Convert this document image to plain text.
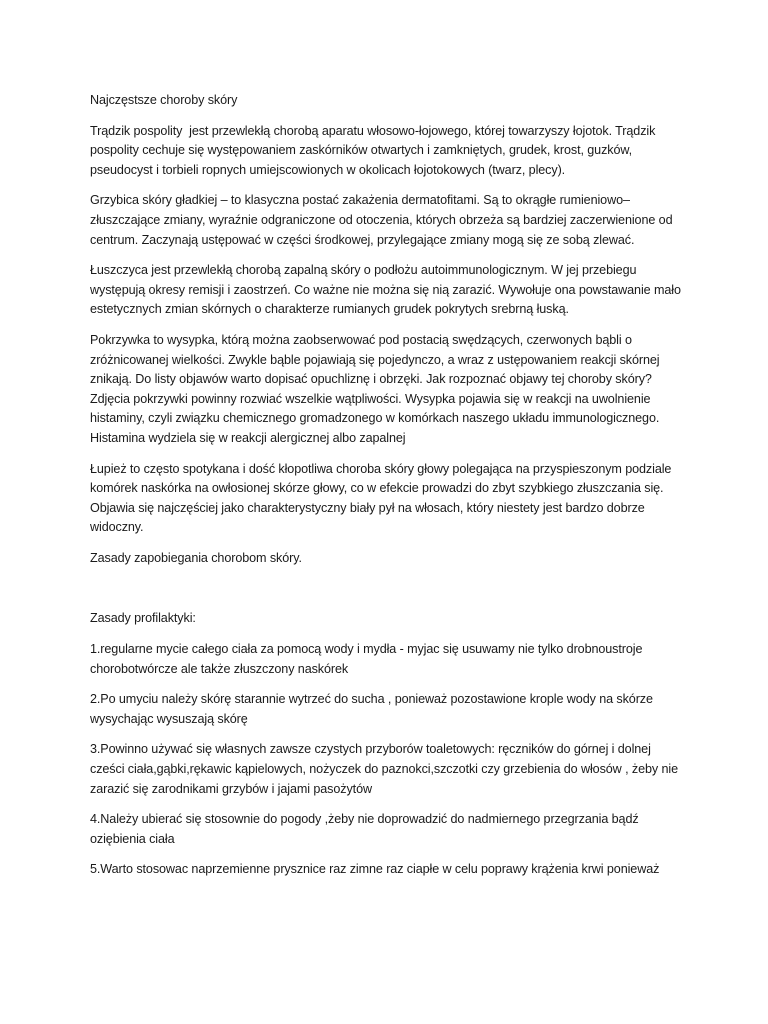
Najczęstsze choroby skóry

Trądzik pospolity  jest przewlekłą chorobą aparatu włosowo-łojowego, której towarzyszy łojotok. Trądzik pospolity cechuje się występowaniem zaskórników otwartych i zamkniętych, grudek, krost, guzków, pseudocyst i torbieli ropnych umiejscowionych w okolicach łojotokowych (twarz, plecy).

Grzybica skóry gładkiej – to klasyczna postać zakażenia dermatofitami. Są to okrągłe rumieniowo–złuszczające zmiany, wyraźnie odgraniczone od otoczenia, których obrzeża są bardziej zaczerwienione od centrum. Zaczynają ustępować w części środkowej, przylegające zmiany mogą się ze sobą zlewać.

Łuszczyca jest przewlekłą chorobą zapalną skóry o podłożu autoimmunologicznym. W jej przebiegu występują okresy remisji i zaostrzeń. Co ważne nie można się nią zarazić. Wywołuje ona powstawanie mało estetycznych zmian skórnych o charakterze rumianych grudek pokrytych srebrną łuską.

Pokrzywka to wysypka, którą można zaobserwować pod postacią swędzących, czerwonych bąbli o zróżnicowanej wielkości. Zwykle bąble pojawiają się pojedynczo, a wraz z ustępowaniem reakcji skórnej znikają. Do listy objawów warto dopisać opuchliznę i obrzęki. Jak rozpoznać objawy tej choroby skóry? Zdjęcia pokrzywki powinny rozwiać wszelkie wątpliwości. Wysypka pojawia się w reakcji na uwolnienie histaminy, czyli związku chemicznego gromadzonego w komórkach naszego układu immunologicznego. Histamina wydziela się w reakcji alergicznej albo zapalnej

Łupież to często spotykana i dość kłopotliwa choroba skóry głowy polegająca na przyspieszonym podziale komórek naskórka na owłosionej skórze głowy, co w efekcie prowadzi do zbyt szybkiego złuszczania się. Objawia się najczęściej jako charakterystyczny biały pył na włosach, który niestety jest bardzo dobrze widoczny.

Zasady zapobiegania chorobom skóry.

Zasady profilaktyki:

1.regularne mycie całego ciała za pomocą wody i mydła - myjac się usuwamy nie tylko drobnoustroje chorobotwórcze ale także złuszczony naskórek

2.Po umyciu należy skórę starannie wytrzeć do sucha , ponieważ pozostawione krople wody na skórze wysychając wysuszają skórę

3.Powinno używać się własnych zawsze czystych przyborów toaletowych: ręczników do górnej i dolnej cześci ciała,gąbki,rękawic kąpielowych, nożyczek do paznokci,szczotki czy grzebienia do włosów , żeby nie zarazić się zarodnikami grzybów i jajami pasożytów

4.Należy ubierać się stosownie do pogody ,żeby nie doprowadzić do nadmiernego przegrzania bądź oziębienia ciała

5.Warto stosowac naprzemienne prysznice raz zimne raz ciapłe w celu poprawy krążenia krwi ponieważ
